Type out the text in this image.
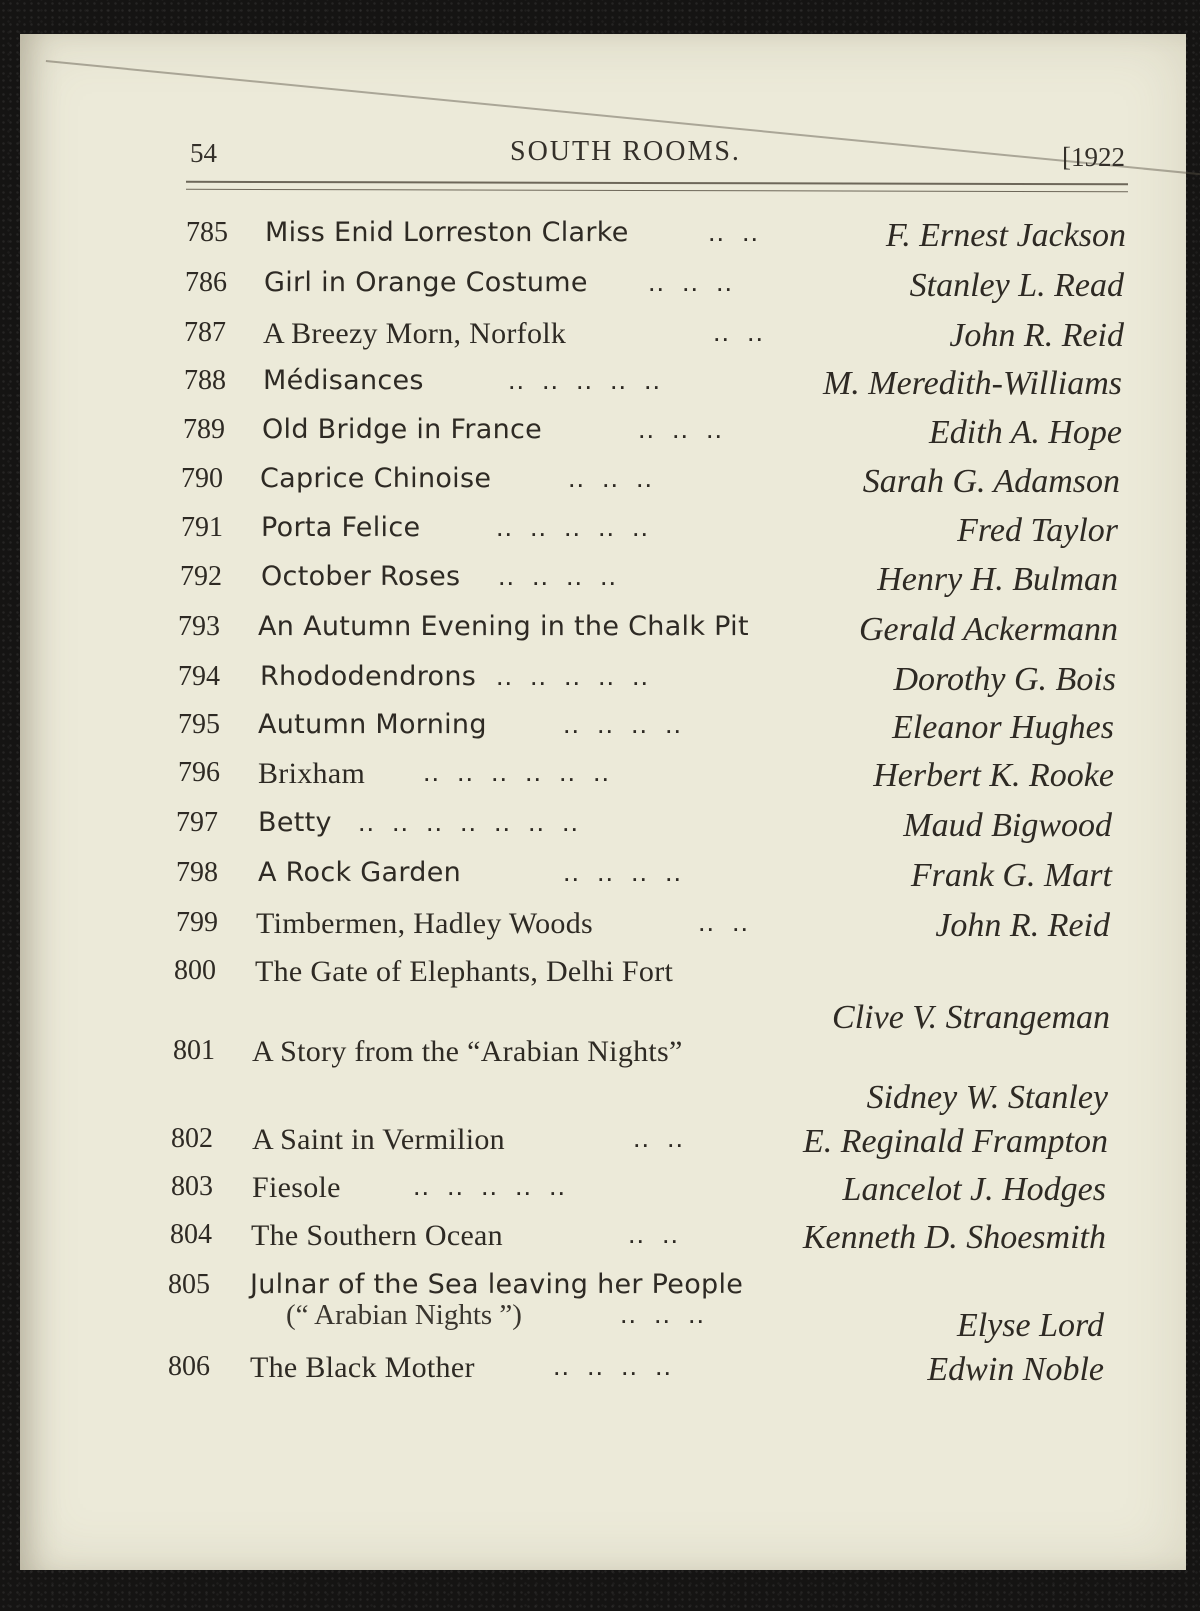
54	SOUTH ROOMS.	[1922
785 Miss Enid Lorreston Clarke	..  ..	F. Ernest Jackson
786 Girl in Orange Costume ..  ..  ..	Stanley L. Read
787 A Breezy Morn, Norfolk	..  ..	John R. Reid
788 Médisances	..  ..  ..  ..  ..	M. Meredith-Williams
789 Old Bridge in France	..  ..  ..	Edith A. Hope
790 Caprice Chinoise	..  ..  ..	Sarah G. Adamson
791 Porta Felice	..  ..  ..  ..  ..	Fred Taylor
792 October Roses ..  ..  ..  ..	Henry H. Bulman
793 An Autumn Evening in the Chalk Pit	Gerald Ackermann
794 Rhododendrons ..  ..  ..  ..  ..	Dorothy G. Bois
795 Autumn Morning	..  ..  ..  ..	Eleanor Hughes
796 Brixham ..  ..  ..  ..  ..  ..	Herbert K. Rooke
797 Betty ..  ..  ..  ..  ..  ..  ..	Maud Bigwood
798 A Rock Garden	..  ..  ..  ..	Frank G. Mart
799 Timbermen, Hadley Woods	..  ..	John R. Reid
800 The Gate of Elephants, Delhi Fort
Clive V. Strangeman
801 A Story from the “Arabian Nights”
Sidney W. Stanley
802 A Saint in Vermilion	..  ..	E. Reginald Frampton
803 Fiesole	..  ..  ..  ..  ..	Lancelot J. Hodges
804 The Southern Ocean	..  ..	Kenneth D. Shoesmith
805 Julnar of the Sea leaving her People
(“ Arabian Nights ”)	..  ..  ..	Elyse Lord
806 The Black Mother	..  ..  ..  ..	Edwin Noble
